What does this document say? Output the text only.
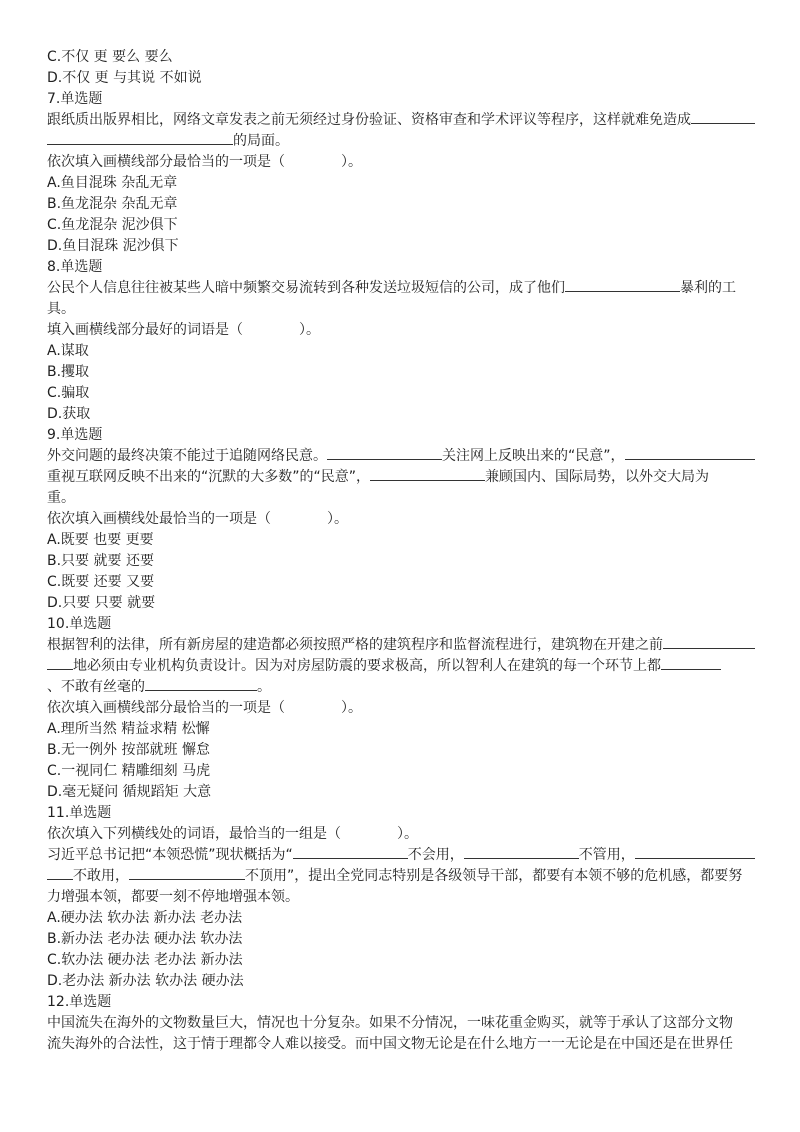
C.不仅 更 要么 要么
D.不仅 更 与其说 不如说
7.单选题
跟纸质出版界相比，网络文章发表之前无须经过身份验证、资格审查和学术评议等程序，这样就难免造成
的局面。
依次填入画横线部分最恰当的一项是（　　　　）。
A.鱼目混珠 杂乱无章
B.鱼龙混杂 杂乱无章
C.鱼龙混杂 泥沙俱下
D.鱼目混珠 泥沙俱下
8.单选题
公民个人信息往往被某些人暗中频繁交易流转到各种发送垃圾短信的公司，成了他们	暴利的工
具。
填入画横线部分最好的词语是（　　　　）。
A.谋取
B.攫取
C.骗取
D.获取
9.单选题
外交问题的最终决策不能过于追随网络民意。	关注网上反映出来的“民意”，
重视互联网反映不出来的“沉默的大多数”的“民意”，	兼顾国内、国际局势，以外交大局为
重。
依次填入画横线处最恰当的一项是（　　　　）。
A.既要 也要 更要
B.只要 就要 还要
C.既要 还要 又要
D.只要 只要 就要
10.单选题
根据智利的法律，所有新房屋的建造都必须按照严格的建筑程序和监督流程进行，建筑物在开建之前
地必须由专业机构负责设计。因为对房屋防震的要求极高，所以智利人在建筑的每一个环节上都
、不敢有丝毫的	。
依次填入画横线部分最恰当的一项是（　　　　）。
A.理所当然 精益求精 松懈
B.无一例外 按部就班 懈怠
C.一视同仁 精雕细刻 马虎
D.毫无疑问 循规蹈矩 大意
11.单选题
依次填入下列横线处的词语，最恰当的一组是（　　　　）。
习近平总书记把“本领恐慌”现状概括为“	不会用，	不管用，
不敢用，	不顶用”，提出全党同志特别是各级领导干部，都要有本领不够的危机感，都要努
力增强本领，都要一刻不停地增强本领。
A.硬办法 软办法 新办法 老办法
B.新办法 老办法 硬办法 软办法
C.软办法 硬办法 老办法 新办法
D.老办法 新办法 软办法 硬办法
12.单选题
中国流失在海外的文物数量巨大，情况也十分复杂。如果不分情况，一味花重金购买，就等于承认了这部分文物
流失海外的合法性，这于情于理都令人难以接受。而中国文物无论是在什么地方一一无论是在中国还是在世界任
